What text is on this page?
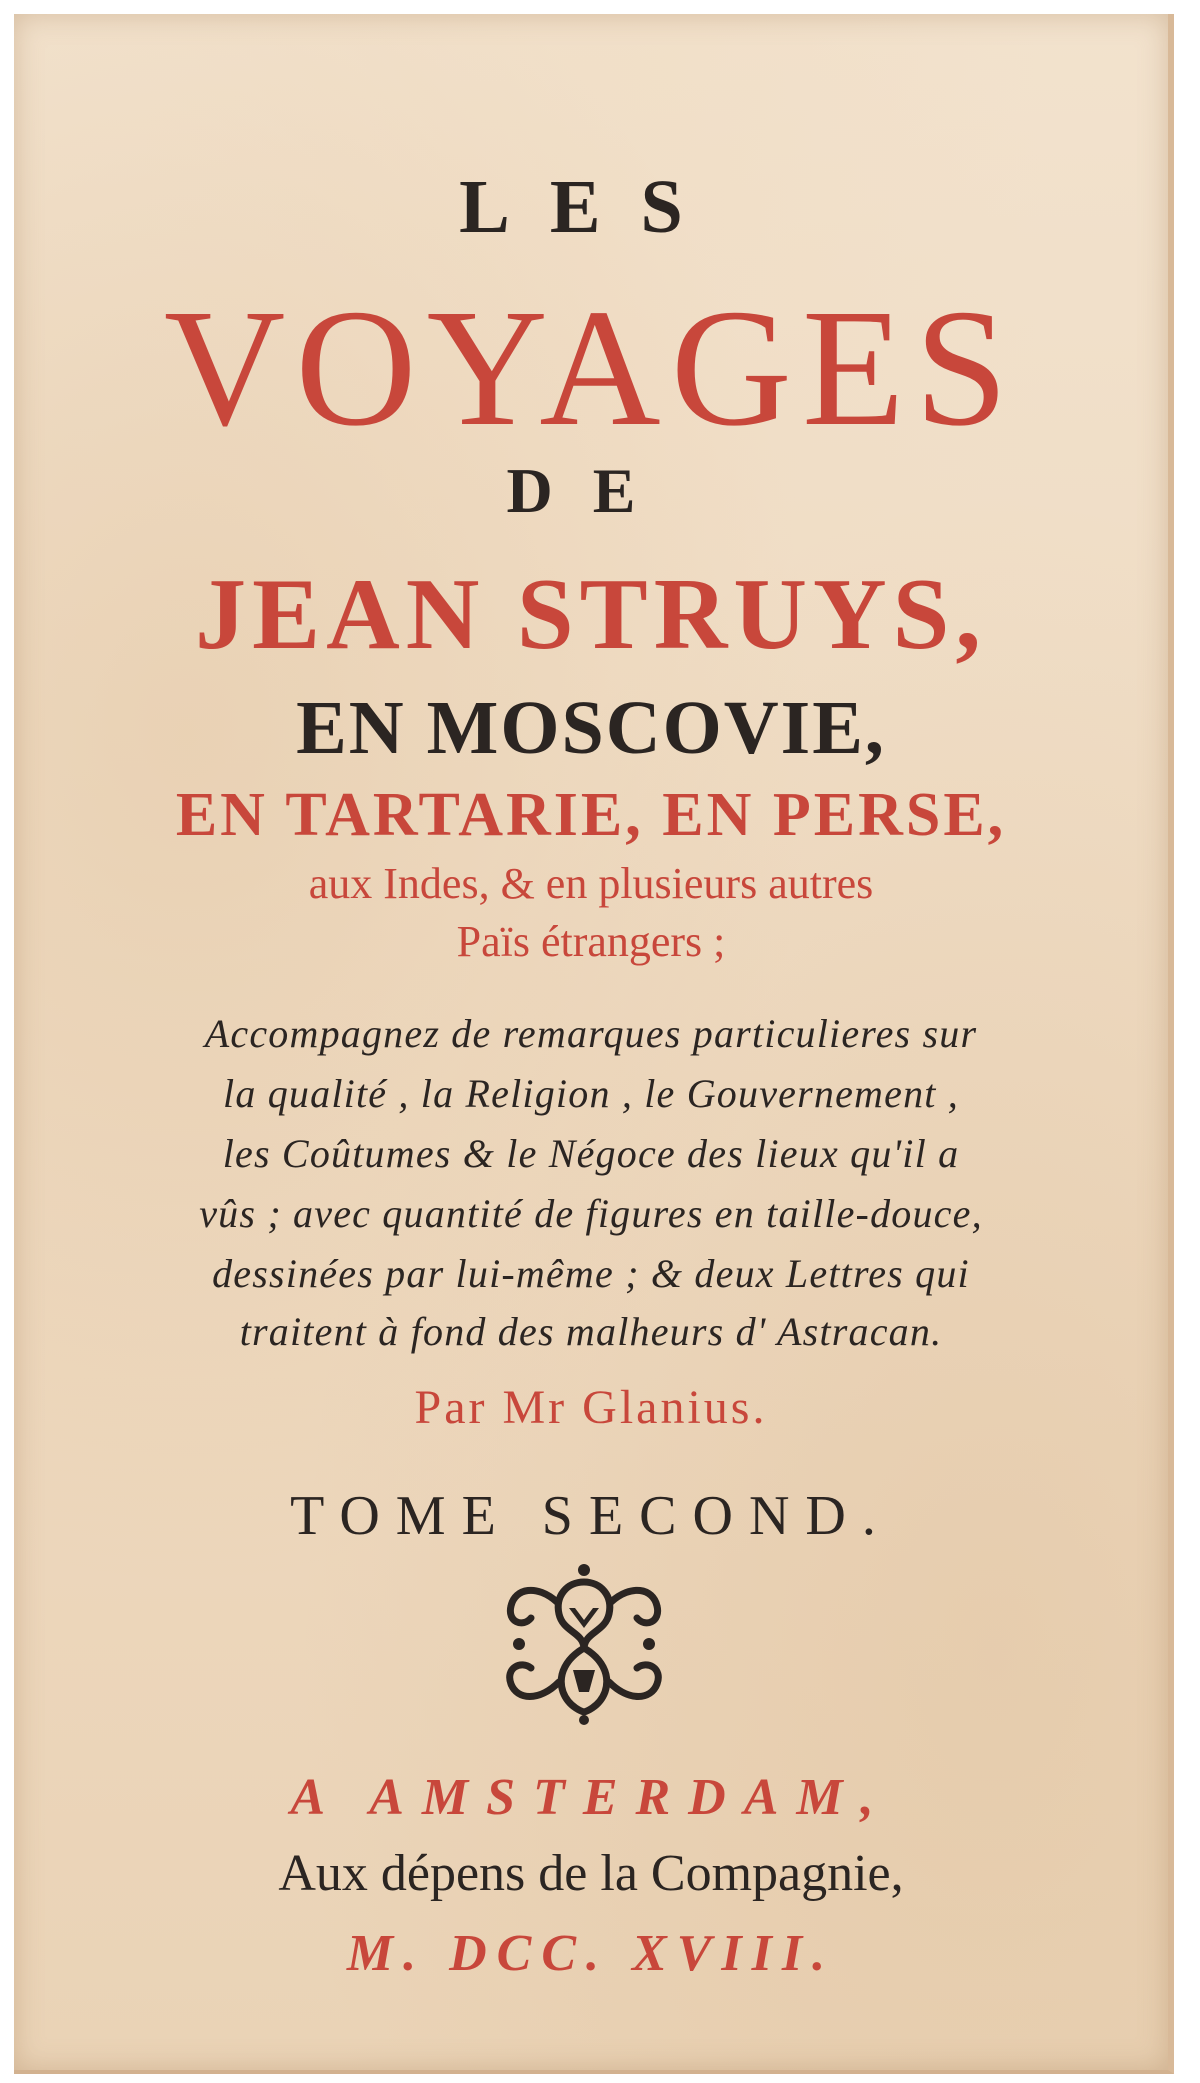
LES
VOYAGES
DE
JEAN STRUYS,
EN MOSCOVIE,
EN TARTARIE, EN PERSE,
aux Indes, & en plusieurs autres
Païs étrangers ;
Accompagnez de remarques particulieres sur
la qualité , la Religion , le Gouvernement ,
les Coûtumes & le Négoce des lieux qu'il a
vûs ; avec quantité de figures en taille-douce,
dessinées par lui-même ; & deux Lettres qui
traitent à fond des malheurs d' Astracan.
Par Mr Glanius.
TOME SECOND.
A AMSTERDAM,
Aux dépens de la Compagnie,
M. DCC. XVIII.
